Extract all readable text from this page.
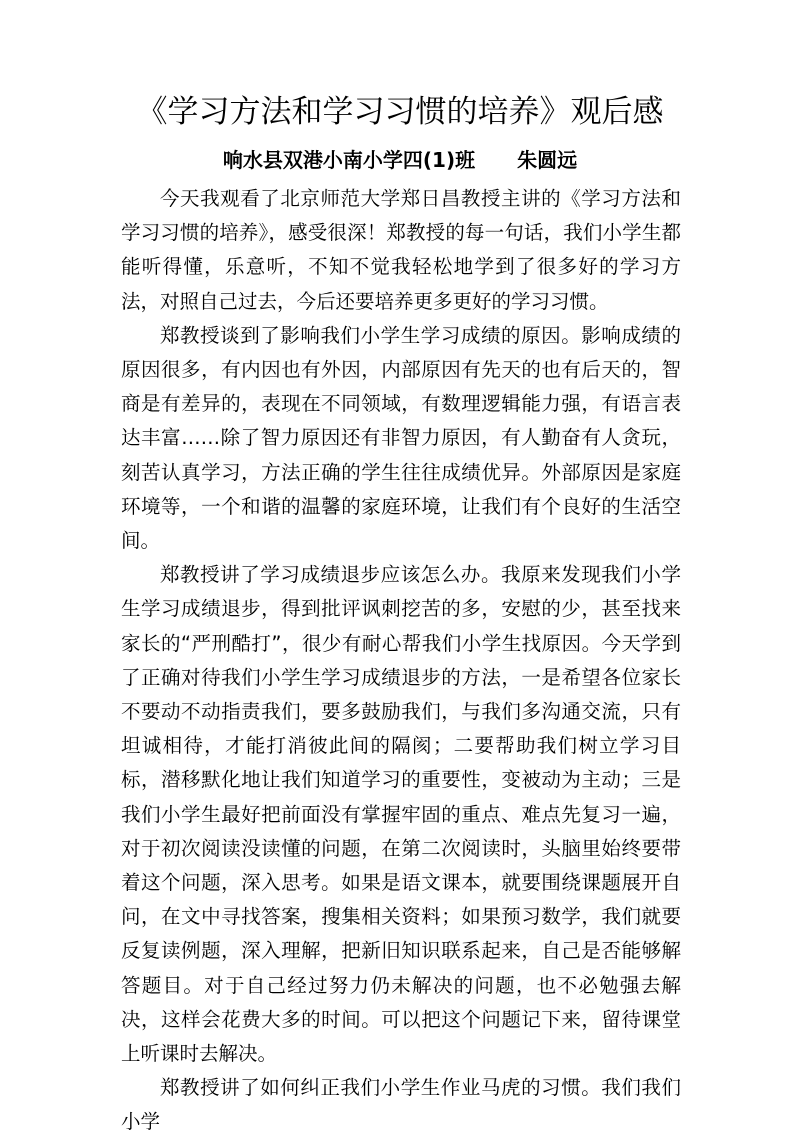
《学习方法和学习习惯的培养》观后感
响水县双港小南小学四(1)班 朱圆远

今天我观看了北京师范大学郑日昌教授主讲的《学习方法和学习习惯的培养》，感受很深！郑教授的每一句话，我们小学生都能听得懂，乐意听，不知不觉我轻松地学到了很多好的学习方法，对照自己过去，今后还要培养更多更好的学习习惯。

郑教授谈到了影响我们小学生学习成绩的原因。影响成绩的原因很多，有内因也有外因，内部原因有先天的也有后天的，智商是有差异的，表现在不同领域，有数理逻辑能力强，有语言表达丰富……除了智力原因还有非智力原因，有人勤奋有人贪玩，刻苦认真学习，方法正确的学生往往成绩优异。外部原因是家庭环境等，一个和谐的温馨的家庭环境，让我们有个良好的生活空间。

郑教授讲了学习成绩退步应该怎么办。我原来发现我们小学生学习成绩退步，得到批评讽刺挖苦的多，安慰的少，甚至找来家长的“严刑酷打”，很少有耐心帮我们小学生找原因。今天学到了正确对待我们小学生学习成绩退步的方法，一是希望各位家长不要动不动指责我们，要多鼓励我们，与我们多沟通交流，只有坦诚相待，才能打消彼此间的隔阂；二要帮助我们树立学习目标，潜移默化地让我们知道学习的重要性，变被动为主动；三是我们小学生最好把前面没有掌握牢固的重点、难点先复习一遍，对于初次阅读没读懂的问题，在第二次阅读时，头脑里始终要带着这个问题，深入思考。如果是语文课本，就要围绕课题展开自问，在文中寻找答案，搜集相关资料；如果预习数学，我们就要反复读例题，深入理解，把新旧知识联系起来，自己是否能够解答题目。对于自己经过努力仍未解决的问题，也不必勉强去解决，这样会花费大多的时间。可以把这个问题记下来，留待课堂上听课时去解决。

郑教授讲了如何纠正我们小学生作业马虎的习惯。我们我们小学
